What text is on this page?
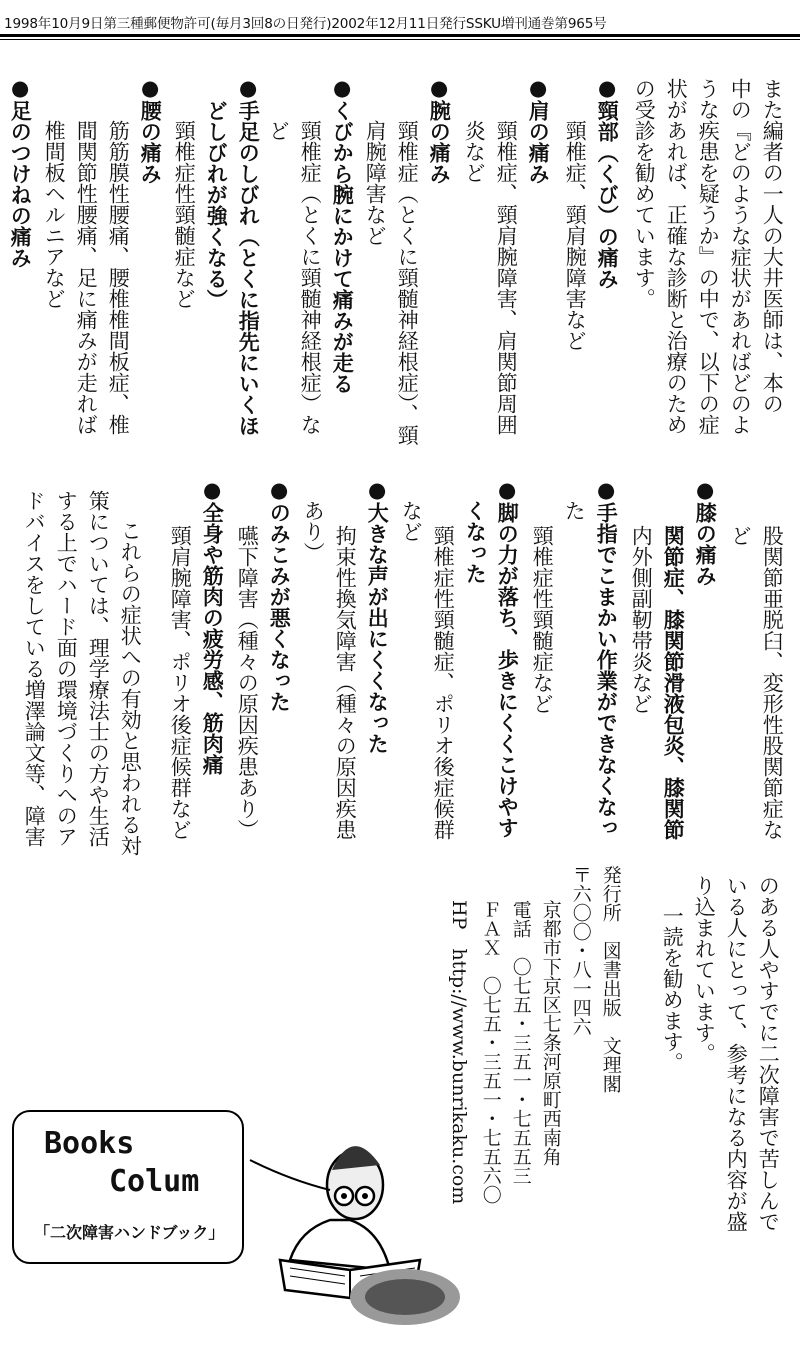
1998年10月9日第三種郵便物許可(毎月3回8の日発行)2002年12月11日発行SSKU増刊通巻第965号
また編者の一人の大井医師は、本の
中の『どのような症状があればどのよ
うな疾患を疑うか』の中で、以下の症
状があれば、正確な診断と治療のため
の受診を勧めています。
●頸部（くび）の痛み
頸椎症、頸肩腕障害など
●肩の痛み
頸椎症、頸肩腕障害、肩関節周囲
炎など
●腕の痛み
頸椎症（とくに頸髄神経根症）、頸
肩腕障害など
●くびから腕にかけて痛みが走る
頸椎症（とくに頸髄神経根症）な
ど
●手足のしびれ（とくに指先にいくほ
どしびれが強くなる）
頸椎症性頸髄症など
●腰の痛み
筋筋膜性腰痛、腰椎椎間板症、椎
間関節性腰痛、足に痛みが走れば
椎間板ヘルニアなど
●足のつけねの痛み
股関節亜脱臼、変形性股関節症な
ど
●膝の痛み
関節症、膝関節滑液包炎、膝関節
内外側副靭帯炎など
●手指でこまかい作業ができなくなっ
た
頸椎症性頸髄症など
●脚の力が落ち、歩きにくくこけやす
くなった
頸椎症性頸髄症、ポリオ後症候群
など
●大きな声が出にくくなった
拘束性換気障害（種々の原因疾患
あり）
●のみこみが悪くなった
嚥下障害（種々の原因疾患あり）
●全身や筋肉の疲労感、筋肉痛
頸肩腕障害、ポリオ後症候群など
これらの症状への有効と思われる対
策については、理学療法士の方や生活
する上でハード面の環境づくりへのア
ドバイスをしている増澤論文等、障害
のある人やすでに二次障害で苦しんで
いる人にとって、参考になる内容が盛
り込まれています。
一読を勧めます。
発行所　図書出版　文理閣
〒六〇〇・八一四六
京都市下京区七条河原町西南角
電話　〇七五・三五一・七五五三
ＦＡＸ　〇七五・三五一・七五六〇
HP　http://www.bunrikaku.com
Books
Colum
「二次障害ハンドブック」
